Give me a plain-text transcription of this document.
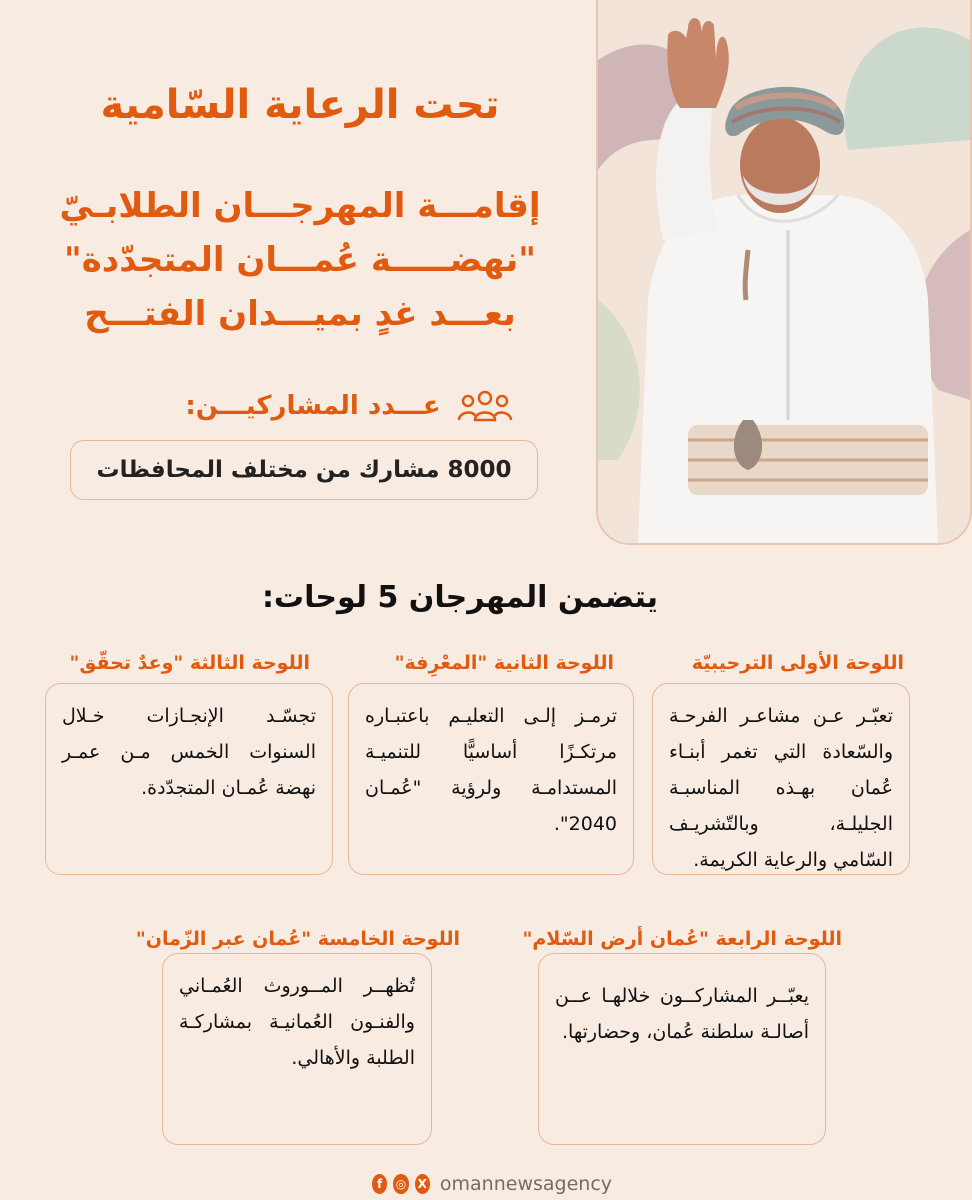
تحت الرعاية السّامية

إقامـــة المهرجـــان الطلابـيّ

"نهضـــــة عُمـــان المتجدّدة"

بعـــد غدٍ بميـــدان الفتـــح

عـــدد المشاركيـــن:
8000 مشارك من مختلف المحافظات
يتضمن المهرجان 5 لوحات:
اللوحة الأولى الترحيبيّة
تعبّـر عـن مشاعـر الفرحـة والسّعادة التي تغمر أبنـاء عُمان بهـذه المناسبـة الجليلـة، وبالتّشريـف السّامي والرعاية الكريمة.
اللوحة الثانية "المعْرِفة"
ترمـز إلـى التعليـم باعتبـاره مرتكـزًا أساسيًّا للتنميـة المستدامـة ولرؤية "عُمـان 2040".
اللوحة الثالثة "وعدٌ تحقّق"
تجسّـد الإنجـازات خـلال السنوات الخمس مـن عمـر نهضة عُمـان المتجدّدة.
اللوحة الرابعة "عُمان أرض السّلام"
يعبّــر المشاركــون خلالهـا عــن أصالـة سلطنة عُمان، وحضارتها.
اللوحة الخامسة "عُمان عبر الزّمان"
تُظهــر المــوروث العُمـاني والفنـون العُمانيـة بمشاركـة الطلبة والأهالي.
f	◎ X omannewsagency
